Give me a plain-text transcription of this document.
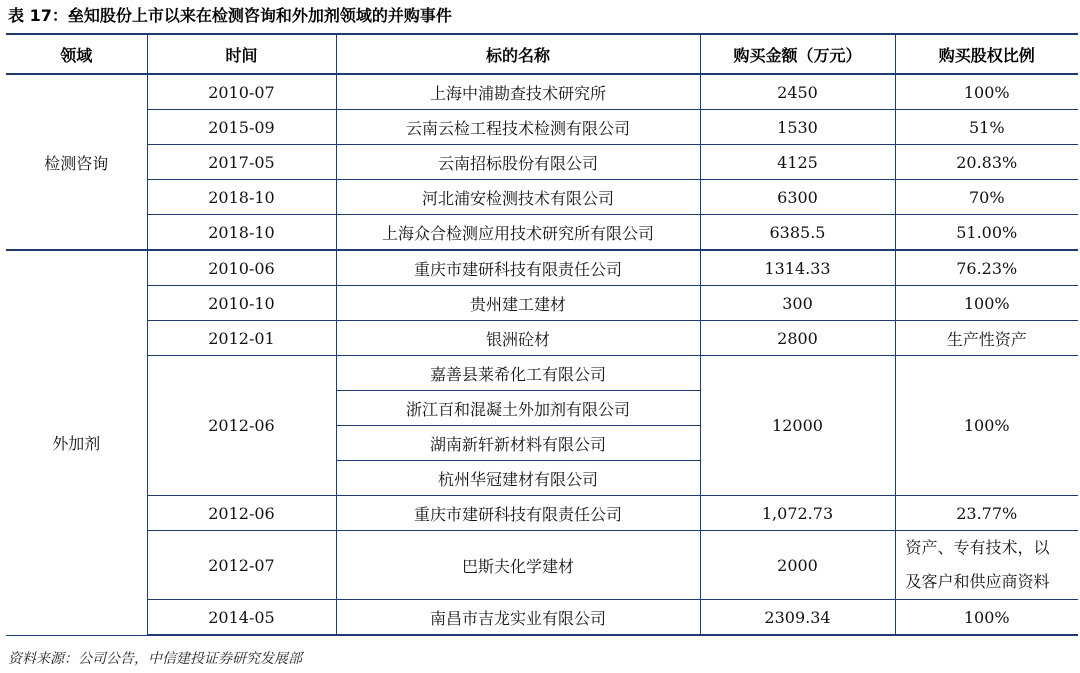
表 17：垒知股份上市以来在检测咨询和外加剂领域的并购事件
领域	时间	标的名称	购买金额（万元）	购买股权比例
检测咨询	2010-07	上海中浦勘查技术研究所	2450	100%
	2015-09	云南云检工程技术检测有限公司	1530	51%
	2017-05	云南招标股份有限公司	4125	20.83%
	2018-10	河北浦安检测技术有限公司	6300	70%
	2018-10	上海众合检测应用技术研究所有限公司	6385.5	51.00%
外加剂	2010-06	重庆市建研科技有限责任公司	1314.33	76.23%
	2010-10	贵州建工建材	300	100%
	2012-01	银洲砼材	2800	生产性资产
	2012-06	嘉善县莱希化工有限公司	12000	100%
		浙江百和混凝土外加剂有限公司		
		湖南新轩新材料有限公司		
		杭州华冠建材有限公司		
	2012-06	重庆市建研科技有限责任公司	1,072.73	23.77%
	2012-07	巴斯夫化学建材	2000	资产、专有技术，以
				及客户和供应商资料
	2014-05	南昌市吉龙实业有限公司	2309.34	100%
资料来源：公司公告，中信建投证券研究发展部
